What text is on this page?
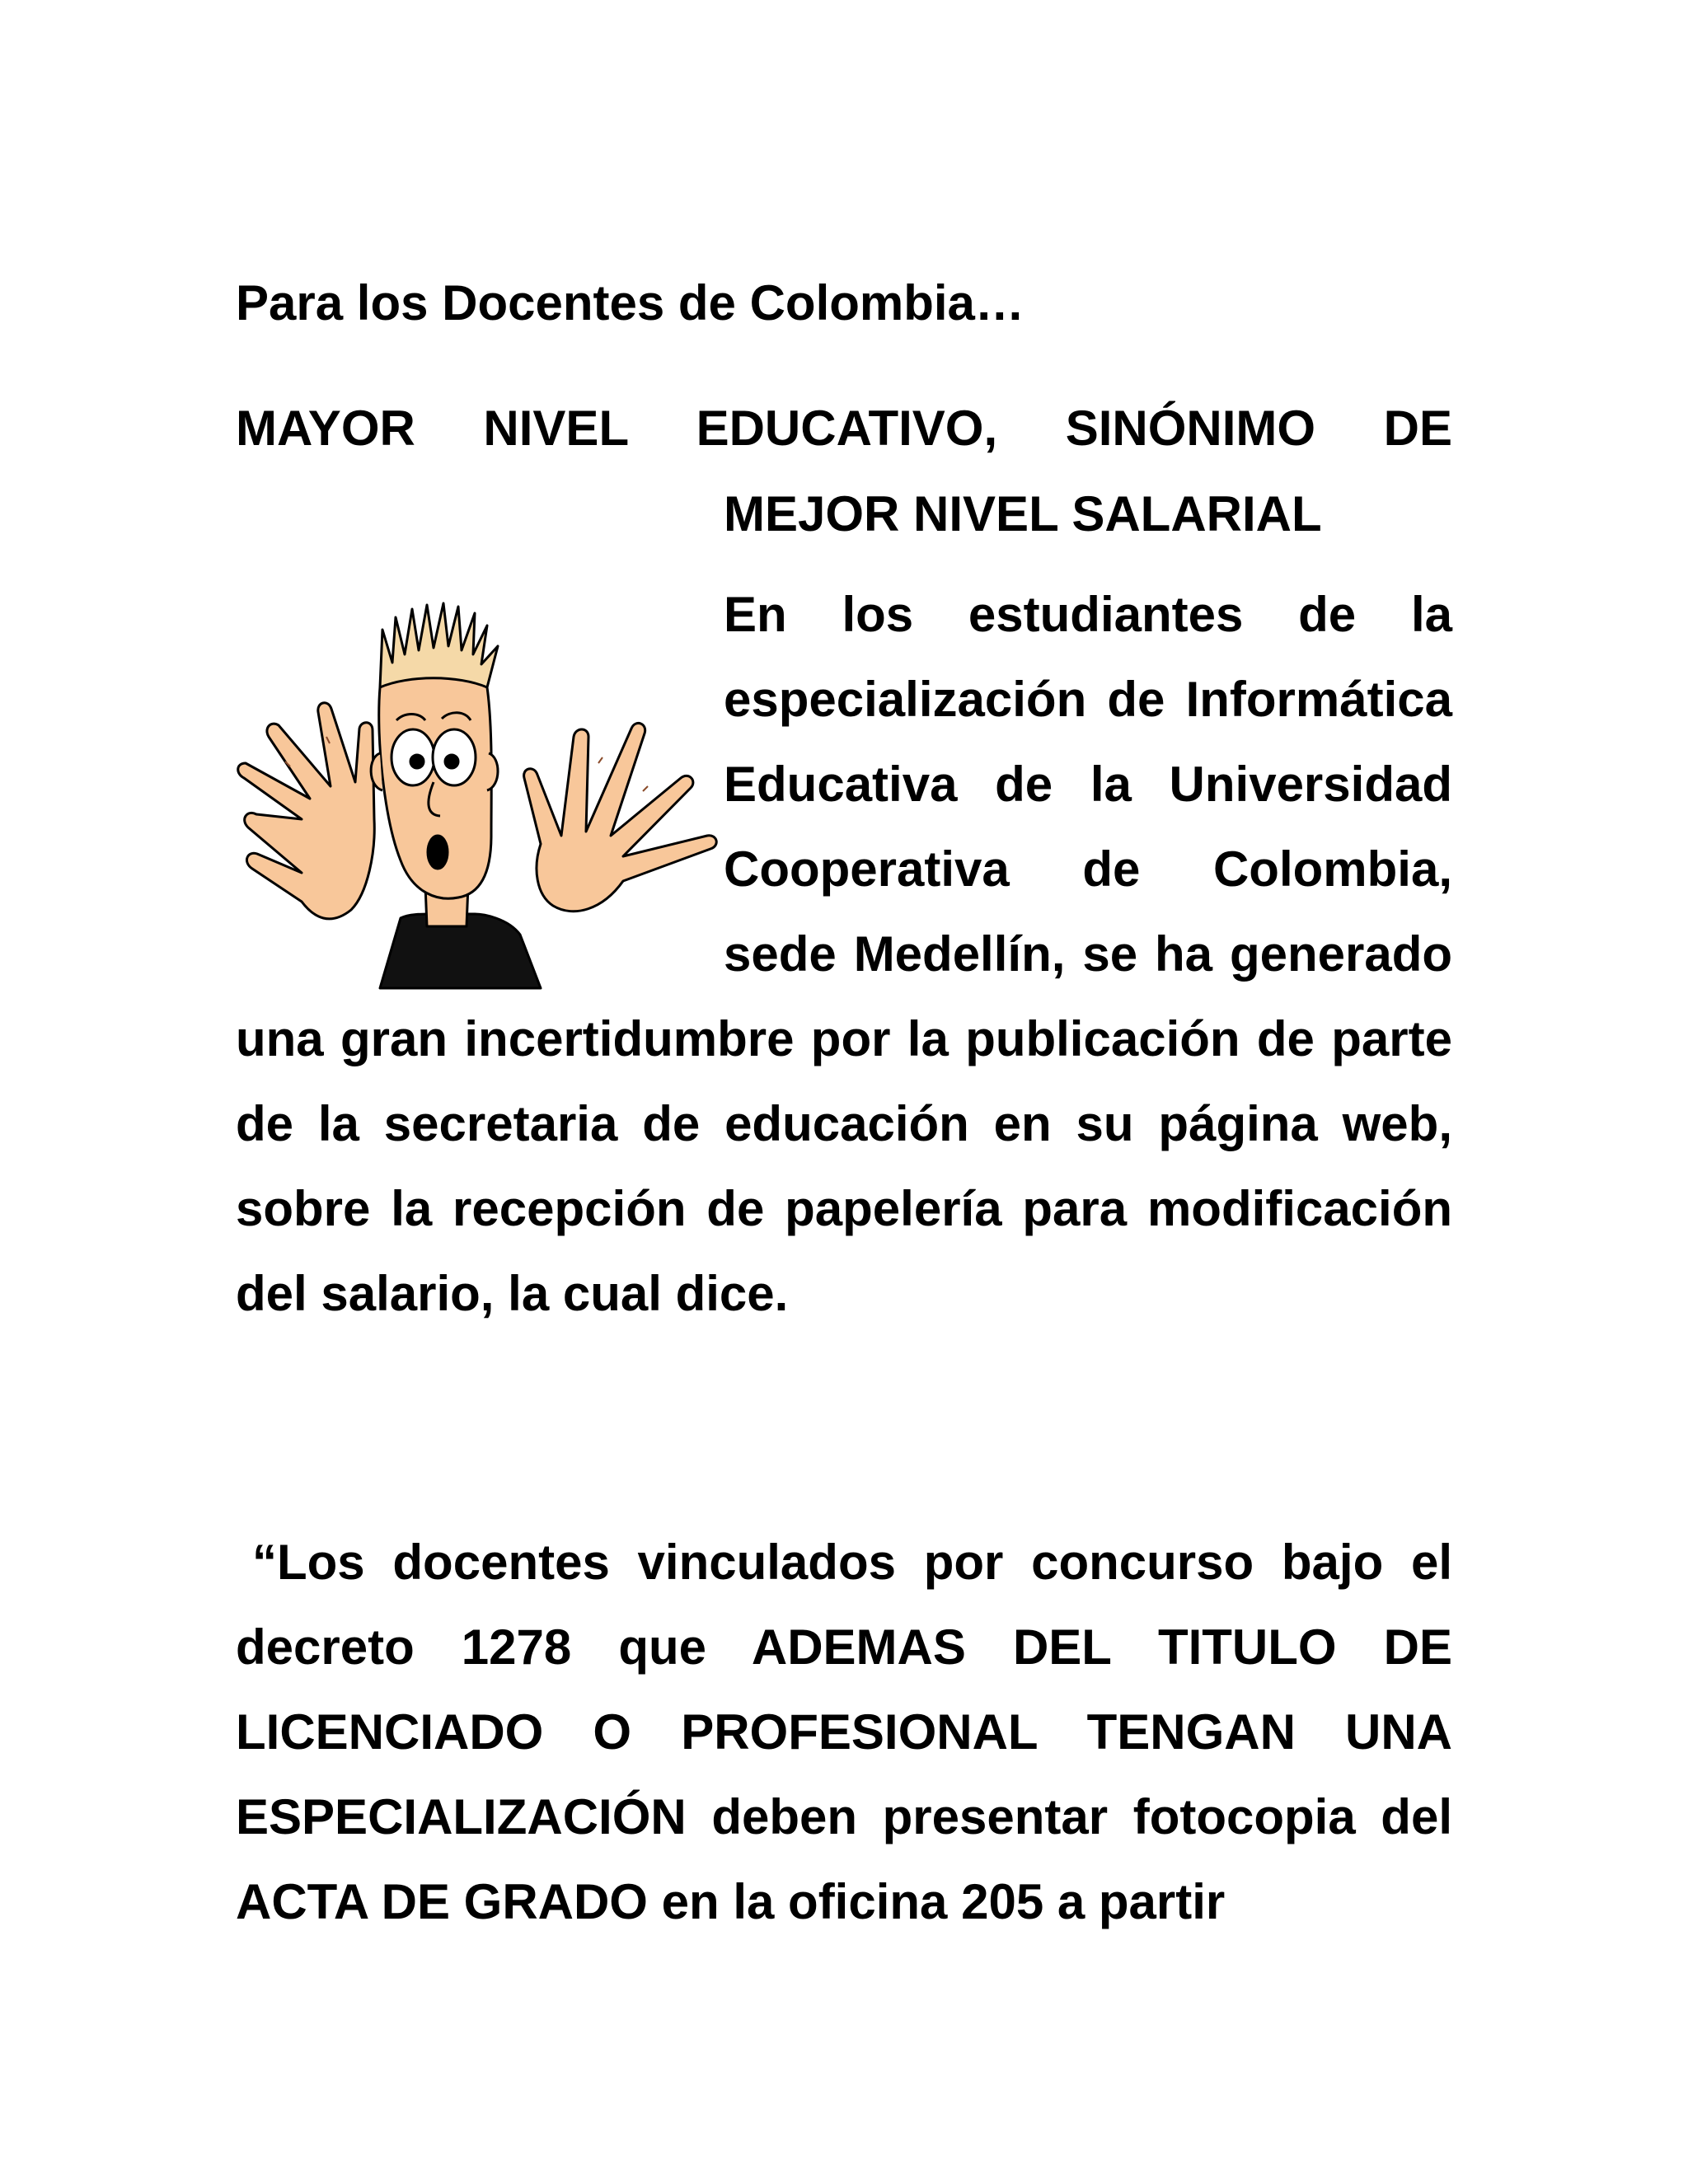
Para los Docentes de Colombia…
MAYOR NIVEL EDUCATIVO, SINÓNIMO DE
MEJOR NIVEL SALARIAL
En los estudiantes de la especialización de Informática Educativa de la Universidad Cooperativa de Colombia, sede Medellín, se ha generado una gran incertidumbre por la publicación de parte de la secretaria de educación en su página web, sobre la recepción de papelería para modificación del salario, la cual dice.
“Los docentes vinculados por concurso bajo el decreto 1278 que ADEMAS DEL TITULO DE LICENCIADO O PROFESIONAL TENGAN UNA ESPECIALIZACIÓN deben presentar fotocopia del ACTA DE GRADO en la oficina 205 a partir
